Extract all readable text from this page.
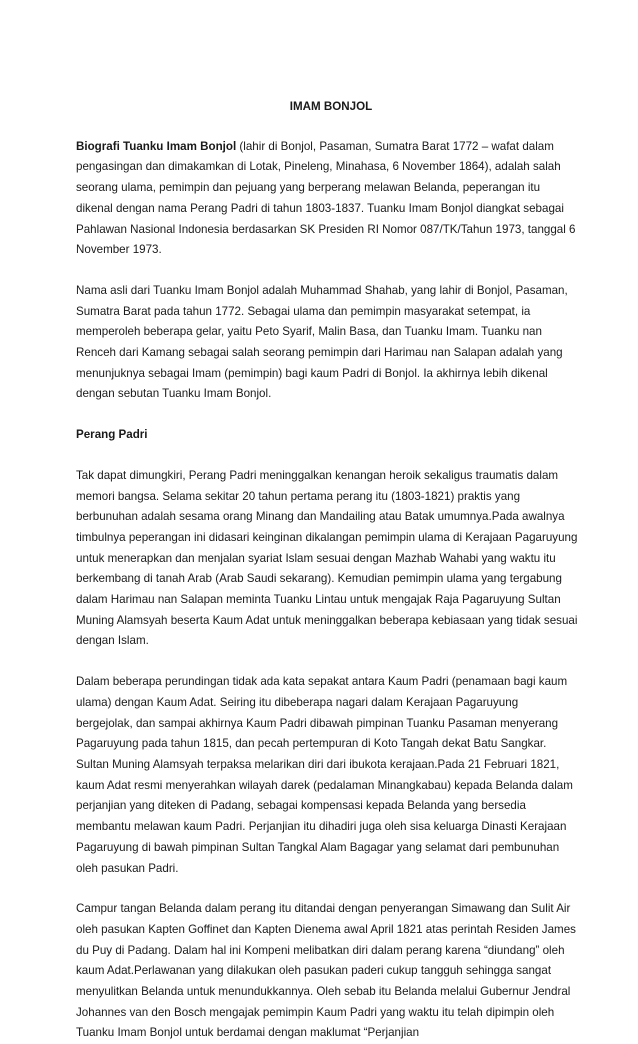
IMAM BONJOL

Biografi Tuanku Imam Bonjol (lahir di Bonjol, Pasaman, Sumatra Barat 1772 – wafat dalam pengasingan dan dimakamkan di Lotak, Pineleng, Minahasa, 6 November 1864), adalah salah seorang ulama, pemimpin dan pejuang yang berperang melawan Belanda, peperangan itu dikenal dengan nama Perang Padri di tahun 1803-1837. Tuanku Imam Bonjol diangkat sebagai Pahlawan Nasional Indonesia berdasarkan SK Presiden RI Nomor 087/TK/Tahun 1973, tanggal 6 November 1973.

Nama asli dari Tuanku Imam Bonjol adalah Muhammad Shahab, yang lahir di Bonjol, Pasaman, Sumatra Barat pada tahun 1772. Sebagai ulama dan pemimpin masyarakat setempat, ia memperoleh beberapa gelar, yaitu Peto Syarif, Malin Basa, dan Tuanku Imam. Tuanku nan Renceh dari Kamang sebagai salah seorang pemimpin dari Harimau nan Salapan adalah yang menunjuknya sebagai Imam (pemimpin) bagi kaum Padri di Bonjol. Ia akhirnya lebih dikenal dengan sebutan Tuanku Imam Bonjol.

Perang Padri

Tak dapat dimungkiri, Perang Padri meninggalkan kenangan heroik sekaligus traumatis dalam memori bangsa. Selama sekitar 20 tahun pertama perang itu (1803-1821) praktis yang berbunuhan adalah sesama orang Minang dan Mandailing atau Batak umumnya.Pada awalnya timbulnya peperangan ini didasari keinginan dikalangan pemimpin ulama di Kerajaan Pagaruyung untuk menerapkan dan menjalan syariat Islam sesuai dengan Mazhab Wahabi yang waktu itu berkembang di tanah Arab (Arab Saudi sekarang). Kemudian pemimpin ulama yang tergabung dalam Harimau nan Salapan meminta Tuanku Lintau untuk mengajak Raja Pagaruyung Sultan Muning Alamsyah beserta Kaum Adat untuk meninggalkan beberapa kebiasaan yang tidak sesuai dengan Islam.

Dalam beberapa perundingan tidak ada kata sepakat antara Kaum Padri (penamaan bagi kaum ulama) dengan Kaum Adat. Seiring itu dibeberapa nagari dalam Kerajaan Pagaruyung bergejolak, dan sampai akhirnya Kaum Padri dibawah pimpinan Tuanku Pasaman menyerang Pagaruyung pada tahun 1815, dan pecah pertempuran di Koto Tangah dekat Batu Sangkar. Sultan Muning Alamsyah terpaksa melarikan diri dari ibukota kerajaan.Pada 21 Februari 1821, kaum Adat resmi menyerahkan wilayah darek (pedalaman Minangkabau) kepada Belanda dalam perjanjian yang diteken di Padang, sebagai kompensasi kepada Belanda yang bersedia membantu melawan kaum Padri. Perjanjian itu dihadiri juga oleh sisa keluarga Dinasti Kerajaan Pagaruyung di bawah pimpinan Sultan Tangkal Alam Bagagar yang selamat dari pembunuhan oleh pasukan Padri.

Campur tangan Belanda dalam perang itu ditandai dengan penyerangan Simawang dan Sulit Air oleh pasukan Kapten Goffinet dan Kapten Dienema awal April 1821 atas perintah Residen James du Puy di Padang. Dalam hal ini Kompeni melibatkan diri dalam perang karena “diundang” oleh kaum Adat.Perlawanan yang dilakukan oleh pasukan paderi cukup tangguh sehingga sangat menyulitkan Belanda untuk menundukkannya. Oleh sebab itu Belanda melalui Gubernur Jendral Johannes van den Bosch mengajak pemimpin Kaum Padri yang waktu itu telah dipimpin oleh Tuanku Imam Bonjol untuk berdamai dengan maklumat “Perjanjian
